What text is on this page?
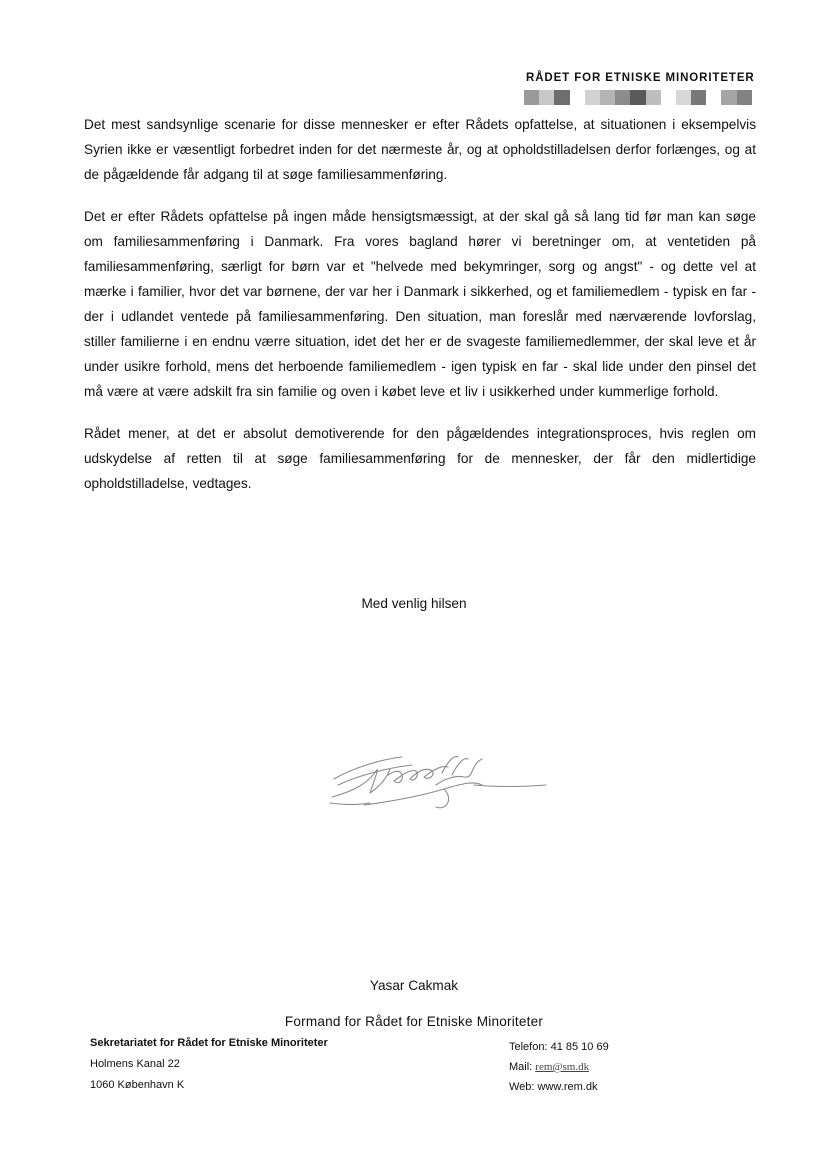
RÅDET FOR ETNISKE MINORITETER

Det mest sandsynlige scenarie for disse mennesker er efter Rådets opfattelse, at situationen i eksempelvis Syrien ikke er væsentligt forbedret inden for det nærmeste år, og at opholdstilladelsen derfor forlænges, og at de pågældende får adgang til at søge familiesammenføring.

Det er efter Rådets opfattelse på ingen måde hensigtsmæssigt, at der skal gå så lang tid før man kan søge om familiesammenføring i Danmark. Fra vores bagland hører vi beretninger om, at ventetiden på familiesammenføring, særligt for børn var et "helvede med bekymringer, sorg og angst" - og dette vel at mærke i familier, hvor det var børnene, der var her i Danmark i sikkerhed, og et familiemedlem - typisk en far - der i udlandet ventede på familiesammenføring. Den situation, man foreslår med nærværende lovforslag, stiller familierne i en endnu værre situation, idet det her er de svageste familiemedlemmer, der skal leve et år under usikre forhold, mens det herboende familiemedlem - igen typisk en far - skal lide under den pinsel det må være at være adskilt fra sin familie og oven i købet leve et liv i usikkerhed under kummerlige forhold.

Rådet mener, at det er absolut demotiverende for den pågældendes integrationsproces, hvis reglen om udskydelse af retten til at søge familiesammenføring for de mennesker, der får den midlertidige opholdstilladelse, vedtages.

Med venlig hilsen
Yasar Cakmak
Formand for Rådet for Etniske Minoriteter
Sekretariatet for Rådet for Etniske Minoriteter
Holmens Kanal 22
1060 København K
Telefon: 41 85 10 69
Mail: rem@sm.dk
Web: www.rem.dk
